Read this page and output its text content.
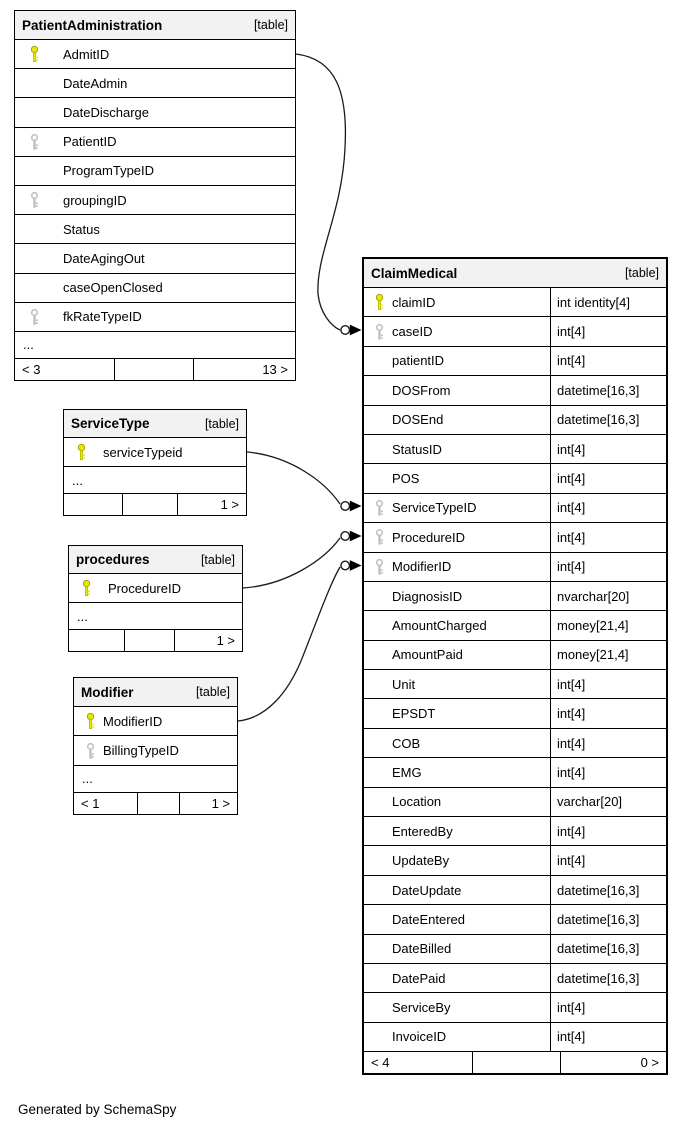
PatientAdministration	[table]
AdmitID
DateAdmin
DateDischarge
PatientID
ProgramTypeID
groupingID
Status
DateAgingOut
caseOpenClosed
fkRateTypeID
...
< 3	13 >
ClaimMedical	[table]
claimID	int identity[4]
caseID	int[4]
patientID	int[4]
DOSFrom	datetime[16,3]
DOSEnd	datetime[16,3]
StatusID	int[4]
POS	int[4]
ServiceTypeID	int[4]
ProcedureID	int[4]
ModifierID	int[4]
DiagnosisID	nvarchar[20]
AmountCharged	money[21,4]
AmountPaid	money[21,4]
Unit	int[4]
EPSDT	int[4]
COB	int[4]
EMG	int[4]
Location	varchar[20]
EnteredBy	int[4]
UpdateBy	int[4]
DateUpdate	datetime[16,3]
DateEntered	datetime[16,3]
DateBilled	datetime[16,3]
DatePaid	datetime[16,3]
ServiceBy	int[4]
InvoiceID	int[4]
< 4	0 >
ServiceType	[table]
serviceTypeid
...
1 >
procedures	[table]
ProcedureID
...
1 >
Modifier	[table]
ModifierID
BillingTypeID
...
< 1	1 >
Generated by SchemaSpy
